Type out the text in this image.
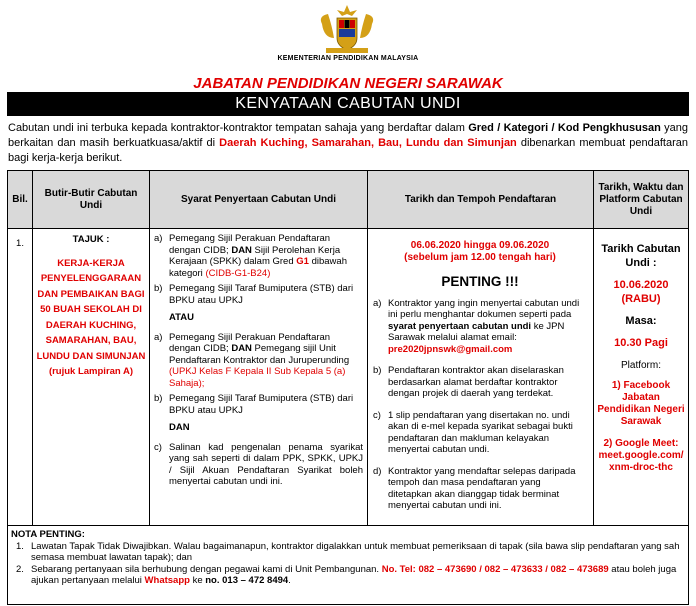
KEMENTERIAN PENDIDIKAN MALAYSIA
JABATAN PENDIDIKAN NEGERI SARAWAK
KENYATAAN CABUTAN UNDI
Cabutan undi ini terbuka kepada kontraktor-kontraktor tempatan sahaja yang berdaftar dalam Gred / Kategori / Kod Pengkhususan yang berkaitan dan masih berkuatkuasa/aktif di Daerah Kuching, Samarahan, Bau, Lundu dan Simunjan dibenarkan membuat pendaftaran bagi kerja-kerja berikut.
Bil.
Butir-Butir Cabutan Undi
Syarat Penyertaan Cabutan Undi	Tarikh dan Tempoh Pendaftaran
Tarikh, Waktu dan Platform Cabutan Undi
1.	TAJUK :
KERJA-KERJA PENYELENGGARAAN DAN PEMBAIKAN BAGI 50 BUAH SEKOLAH DI DAERAH KUCHING, SAMARAHAN, BAU, LUNDU DAN SIMUNJAN
(rujuk Lampiran A)
a) Pemegang Sijil Perakuan Pendaftaran dengan CIDB; DAN Sijil Perolehan Kerja Kerajaan (SPKK) dalam Gred G1 dibawah kategori (CIDB-G1-B24)
b) Pemegang Sijil Taraf Bumiputera (STB) dari BPKU atau UPKJ
ATAU
a) Pemegang Sijil Perakuan Pendaftaran dengan CIDB; DAN Pemegang sijil Unit Pendaftaran Kontraktor dan Juruperunding (UPKJ Kelas F Kepala II Sub Kepala 5 (a) Sahaja);
b) Pemegang Sijil Taraf Bumiputera (STB) dari BPKU atau UPKJ
DAN
c) Salinan kad pengenalan penama syarikat yang sah seperti di dalam PPK, SPKK, UPKJ / Sijil Akuan Pendaftaran Syarikat boleh menyertai cabutan undi ini.
06.06.2020 hingga 09.06.2020
(sebelum jam 12.00 tengah hari)
PENTING !!!
a) Kontraktor yang ingin menyertai cabutan undi ini perlu menghantar dokumen seperti pada syarat penyertaan cabutan undi ke JPN Sarawak melalui alamat email: pre2020jpnswk@gmail.com
b) Pendaftaran kontraktor akan diselaraskan berdasarkan alamat berdaftar kontraktor dengan projek di daerah yang terdekat.
c) 1 slip pendaftaran yang disertakan no. undi akan di e-mel kepada syarikat sebagai bukti pendaftaran dan makluman kelayakan menyertai cabutan undi.
d) Kontraktor yang mendaftar selepas daripada tempoh dan masa pendaftaran yang ditetapkan akan dianggap tidak berminat menyertai cabutan undi ini.
Tarikh Cabutan Undi :
10.06.2020
(RABU)
Masa:
10.30 Pagi
Platform:
1) Facebook Jabatan Pendidikan Negeri Sarawak
2) Google Meet: meet.google.com/ xnm-droc-thc
NOTA PENTING:
1. Lawatan Tapak Tidak Diwajibkan. Walau bagaimanapun, kontraktor digalakkan untuk membuat pemeriksaan di tapak (sila bawa slip pendaftaran yang sah semasa membuat lawatan tapak); dan
2. Sebarang pertanyaan sila berhubung dengan pegawai kami di Unit Pembangunan. No. Tel: 082 – 473690 / 082 – 473633 / 082 – 473689 atau boleh juga ajukan pertanyaan melalui Whatsapp ke no. 013 – 472 8494.
